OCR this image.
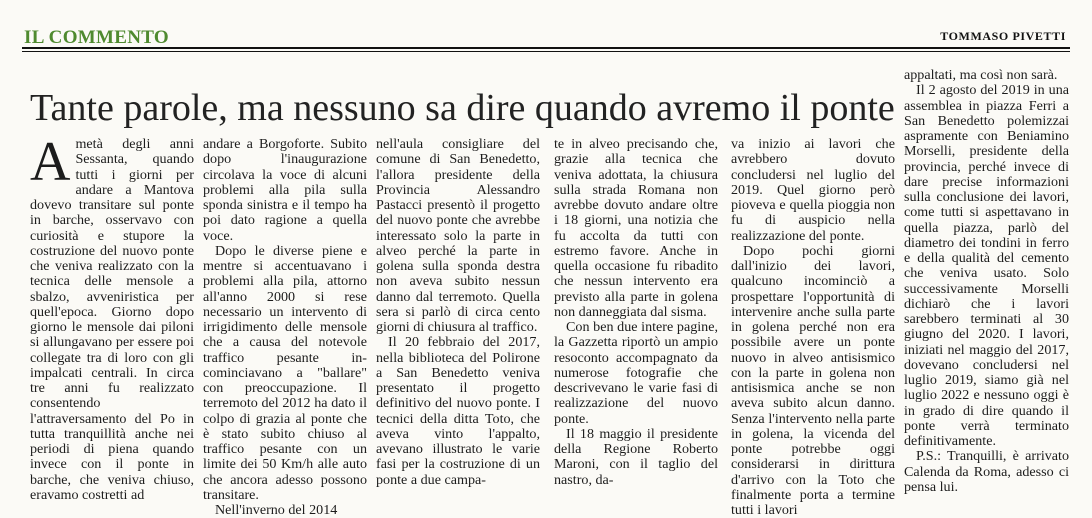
IL COMMENTO	TOMMASO PIVETTI
Tante parole, ma nessuno sa dire quando avremo il ponte

Ametà degli anni Sessanta, quando tutti i giorni per andare a Mantova dovevo transitare sul ponte in barche, osservavo con curiosità e stupore la costruzione del nuovo ponte che veniva realizzato con la tecnica delle mensole a sbalzo, avveniristica per quell'epoca. Giorno dopo giorno le mensole dai piloni si allungavano per essere poi collegate tra di loro con gli impalcati centrali. In circa tre anni fu realizzato consentendo l'attraversamento del Po in tutta tranquillità anche nei periodi di piena quando invece con il ponte in barche, che veniva chiuso, eravamo costretti ad

andare a Borgoforte. Subito dopo l'inaugurazione circolava la voce di alcuni problemi alla pila sulla sponda sinistra e il tempo ha poi dato ragione a quella voce.

Dopo le diverse piene e mentre si accentuavano i problemi alla pila, attorno all'anno 2000 si rese necessario un intervento di irrigidimento delle mensole che a causa del notevole traffico pesante in-cominciavano a "ballare" con preoccupazione. Il terremoto del 2012 ha dato il colpo di grazia al ponte che è stato subito chiuso al traffico pesante con un limite dei 50 Km/h alle auto che ancora adesso possono transitare.

Nell'inverno del 2014

nell'aula consigliare del comune di San Benedetto, l'allora presidente della Provincia Alessandro Pastacci presentò il progetto del nuovo ponte che avrebbe interessato solo la parte in alveo perché la parte in golena sulla sponda destra non aveva subito nessun danno dal terremoto. Quella sera si parlò di circa cento giorni di chiusura al traffico.

Il 20 febbraio del 2017, nella biblioteca del Polirone a San Benedetto veniva presentato il progetto definitivo del nuovo ponte. I tecnici della ditta Toto, che aveva vinto l'appalto, avevano illustrato le varie fasi per la costruzione di un ponte a due campa-

te in alveo precisando che, grazie alla tecnica che veniva adottata, la chiusura sulla strada Romana non avrebbe dovuto andare oltre i 18 giorni, una notizia che fu accolta da tutti con estremo favore. Anche in quella occasione fu ribadito che nessun intervento era previsto alla parte in golena non danneggiata dal sisma.

Con ben due intere pagine, la Gazzetta riportò un ampio resoconto accompagnato da numerose fotografie che descrivevano le varie fasi di realizzazione del nuovo ponte.

Il 18 maggio il presidente della Regione Roberto Maroni, con il taglio del nastro, da-

va inizio ai lavori che avrebbero dovuto concludersi nel luglio del 2019. Quel giorno però pioveva e quella pioggia non fu di auspicio nella realizzazione del ponte.

Dopo pochi giorni dall'inizio dei lavori, qualcuno incominciò a prospettare l'opportunità di intervenire anche sulla parte in golena perché non era possibile avere un ponte nuovo in alveo antisismico con la parte in golena non antisismica anche se non aveva subito alcun danno. Senza l'intervento nella parte in golena, la vicenda del ponte potrebbe oggi considerarsi in dirittura d'arrivo con la Toto che finalmente porta a termine tutti i lavori

appaltati, ma così non sarà.

Il 2 agosto del 2019 in una assemblea in piazza Ferri a San Benedetto polemizzai aspramente con Beniamino Morselli, presidente della provincia, perché invece di dare precise informazioni sulla conclusione dei lavori, come tutti si aspettavano in quella piazza, parlò del diametro dei tondini in ferro e della qualità del cemento che veniva usato. Solo successivamente Morselli dichiarò che i lavori sarebbero terminati al 30 giugno del 2020. I lavori, iniziati nel maggio del 2017, dovevano concludersi nel luglio 2019, siamo già nel luglio 2022 e nessuno oggi è in grado di dire quando il ponte verrà terminato definitivamente.

P.S.: Tranquilli, è arrivato Calenda da Roma, adesso ci pensa lui.
